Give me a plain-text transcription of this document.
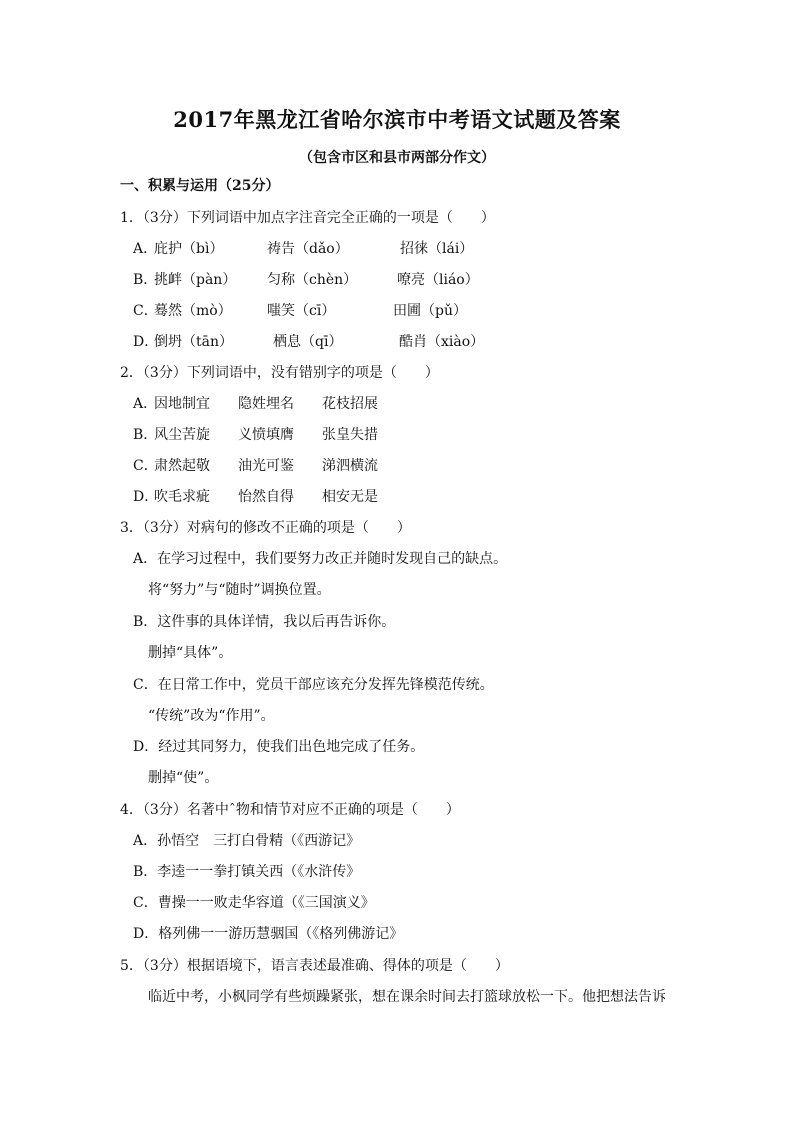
2017年黑龙江省哈尔滨市中考语文试题及答案
（包含市区和县市两部分作文）
一、积累与运用（25分）
1．（3分）下列词语中加点字注音完全正确的一项是（　　）
A．
庇护（bì）	祷告（dǎo）	招徕（lái）
B．
挑衅（pàn） 匀称（chèn）	嘹亮（liáo）
C．
蓦然（mò）	嗤笑（cī）	田圃（pǔ）
D．
倒坍（tān）	栖息（qī）	酷肖（xiào）
2．（3分）下列词语中，没有错别字的项是（　　）
A．
因地制宜 隐姓埋名 花枝招展
B．
风尘苦旋 义愤填膺 张皇失措
C．
肃然起敬 油光可鉴 涕泗横流
D．
吹毛求疵 怡然自得 相安无是
3．（3分）对病句的修改不正确的项是（　　）
A．在学习过程中，我们要努力改正并随时发现自己的缺点。
将“努力”与“随时”调换位置。
B．这件事的具体详情，我以后再告诉你。
删掉“具体”。
C．在日常工作中，党员干部应该充分发挥先锋模范传统。
“传统”改为“作用”。
D．经过其同努力，使我们出色地完成了任务。
删掉“使”。
4．（3分）名著中ˆ物和情节对应不正确的项是（　　）
A．孙悟空　三打白骨精（《西游记》
B．李逵一一拳打镇关西（《水浒传》
C．曹操一一败走华容道（《三国演义》
D．格列佛一一游历慧骃国（《格列佛游记》
5．（3分）根据语境下，语言表述最准确、得体的项是（　　）
临近中考，小枫同学有些烦躁紧张，想在课余时间去打篮球放松一下。他把想法告诉
